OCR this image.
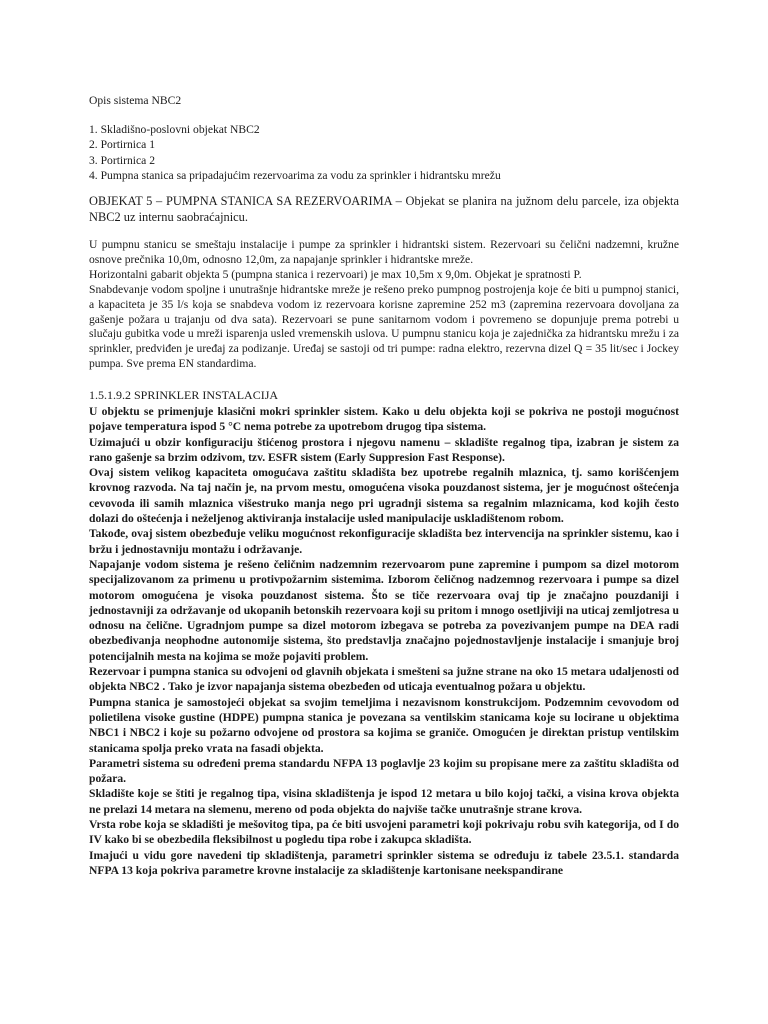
Opis sistema NBC2
1. Skladišno-poslovni objekat NBC2
2. Portirnica 1
3. Portirnica 2
4. Pumpna stanica sa pripadajućim rezervoarima za vodu za sprinkler i hidrantsku mrežu
OBJEKAT 5 – PUMPNA STANICA SA REZERVOARIMA – Objekat se planira na južnom delu parcele, iza objekta NBC2 uz internu saobraćajnicu.

U pumpnu stanicu se smeštaju instalacije i pumpe za sprinkler i hidrantski sistem. Rezervoari su čelični nadzemni, kružne osnove prečnika 10,0m, odnosno 12,0m, za napajanje sprinkler i hidrantske mreže.

Horizontalni gabarit objekta 5 (pumpna stanica i rezervoari) je max 10,5m x 9,0m. Objekat je spratnosti P.

Snabdevanje vodom spoljne i unutrašnje hidrantske mreže je rešeno preko pumpnog postrojenja koje će biti u pumpnoj stanici, a kapaciteta je 35 l/s koja se snabdeva vodom iz rezervoara korisne zapremine 252 m3 (zapremina rezervoara dovoljana za gašenje požara u trajanju od dva sata). Rezervoari se pune sanitarnom vodom i povremeno se dopunjuje prema potrebi u slučaju gubitka vode u mreži isparenja usled vremenskih uslova. U pumpnu stanicu koja je zajednička za hidrantsku mrežu i za sprinkler, predviđen je uređaj za podizanje. Uređaj se sastoji od tri pumpe: radna elektro, rezervna dizel Q = 35 lit/sec i Jockey pumpa. Sve prema EN standardima.

1.5.1.9.2 SPRINKLER INSTALACIJA

U objektu se primenjuje klasični mokri sprinkler sistem. Kako u delu objekta koji se pokriva ne postoji mogućnost pojave temperatura ispod 5 °C nema potrebe za upotrebom drugog tipa sistema.

Uzimajući u obzir konfiguraciju štićenog prostora i njegovu namenu – skladište regalnog tipa, izabran je sistem za rano gašenje sa brzim odzivom, tzv. ESFR sistem (Early Suppresion Fast Response).

Ovaj sistem velikog kapaciteta omogućava zaštitu skladišta bez upotrebe regalnih mlaznica, tj. samo korišćenjem krovnog razvoda. Na taj način je, na prvom mestu, omogućena visoka pouzdanost sistema, jer je mogućnost oštećenja cevovoda ili samih mlaznica višestruko manja nego pri ugradnji sistema sa regalnim mlaznicama, kod kojih često dolazi do oštećenja i neželjenog aktiviranja instalacije usled manipulacije uskladištenom robom.

Takođe, ovaj sistem obezbeđuje veliku mogućnost rekonfiguracije skladišta bez intervencija na sprinkler sistemu, kao i bržu i jednostavniju montažu i održavanje.

Napajanje vodom sistema je rešeno čeličnim nadzemnim rezervoarom pune zapremine i pumpom sa dizel motorom specijalizovanom za primenu u protivpožarnim sistemima. Izborom čeličnog nadzemnog rezervoara i pumpe sa dizel motorom omogućena je visoka pouzdanost sistema. Što se tiče rezervoara ovaj tip je značajno pouzdaniji i jednostavniji za održavanje od ukopanih betonskih rezervoara koji su pritom i mnogo osetljiviji na uticaj zemljotresa u odnosu na čelične. Ugradnjom pumpe sa dizel motorom izbegava se potreba za povezivanjem pumpe na DEA radi obezbeđivanja neophodne autonomije sistema, što predstavlja značajno pojednostavljenje instalacije i smanjuje broj potencijalnih mesta na kojima se može pojaviti problem.

Rezervoar i pumpna stanica su odvojeni od glavnih objekata i smešteni sa južne strane na oko 15 metara udaljenosti od objekta NBC2 . Tako je izvor napajanja sistema obezbeđen od uticaja eventualnog požara u objektu.

Pumpna stanica je samostojeći objekat sa svojim temeljima i nezavisnom konstrukcijom. Podzemnim cevovodom od polietilena visoke gustine (HDPE) pumpna stanica je povezana sa ventilskim stanicama koje su locirane u objektima NBC1 i NBC2 i koje su požarno odvojene od prostora sa kojima se graniče. Omogućen je direktan pristup ventilskim stanicama spolja preko vrata na fasadi objekta.

Parametri sistema su određeni prema standardu NFPA 13 poglavlje 23 kojim su propisane mere za zaštitu skladišta od požara.

Skladište koje se štiti je regalnog tipa, visina skladištenja je ispod 12 metara u bilo kojoj tački, a visina krova objekta ne prelazi 14 metara na slemenu, mereno od poda objekta do najviše tačke unutrašnje strane krova.

Vrsta robe koja se skladišti je mešovitog tipa, pa će biti usvojeni parametri koji pokrivaju robu svih kategorija, od I do IV kako bi se obezbedila fleksibilnost u pogledu tipa robe i zakupca skladišta.

Imajući u vidu gore navedeni tip skladištenja, parametri sprinkler sistema se određuju iz tabele 23.5.1. standarda NFPA 13 koja pokriva parametre krovne instalacije za skladištenje kartonisane neekspandirane
